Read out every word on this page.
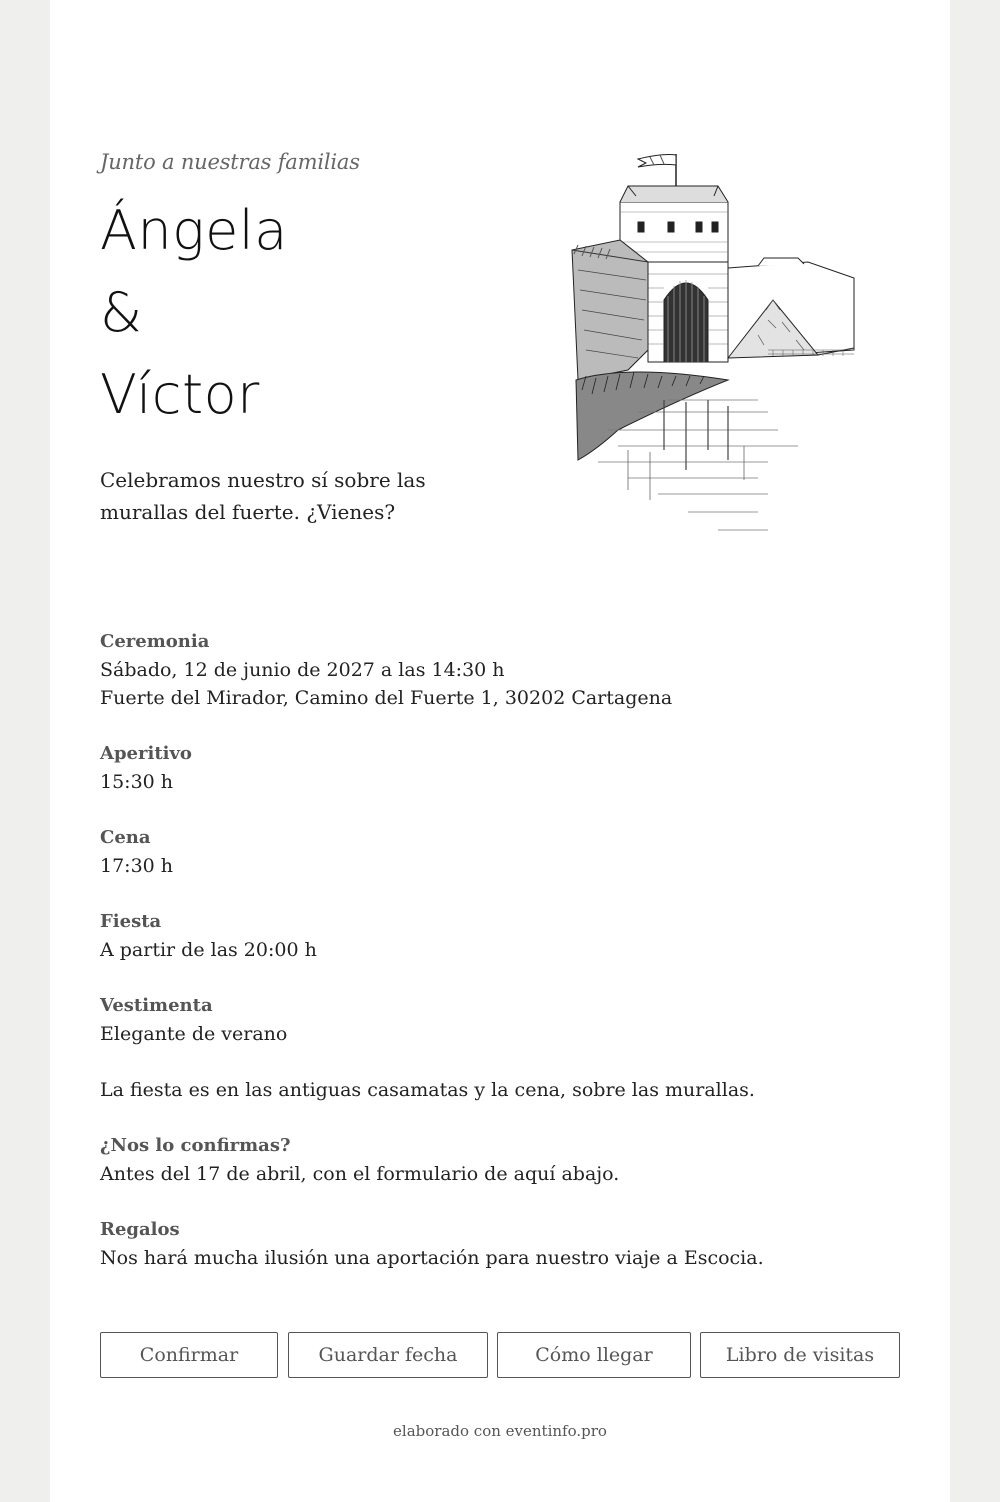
Junto a nuestras familias
Ángela
&
Víctor
Celebramos nuestro sí sobre las murallas del fuerte. ¿Vienes?
Ceremonia
Sábado, 12 de junio de 2027 a las 14:30 h
Fuerte del Mirador, Camino del Fuerte 1, 30202 Cartagena
Aperitivo
15:30 h
Cena
17:30 h
Fiesta
A partir de las 20:00 h
Vestimenta
Elegante de verano
La fiesta es en las antiguas casamatas y la cena, sobre las murallas.
¿Nos lo confirmas?
Antes del 17 de abril, con el formulario de aquí abajo.
Regalos
Nos hará mucha ilusión una aportación para nuestro viaje a Escocia.
Confirmar	Guardar fecha	Cómo llegar	Libro de visitas
elaborado con eventinfo.pro
